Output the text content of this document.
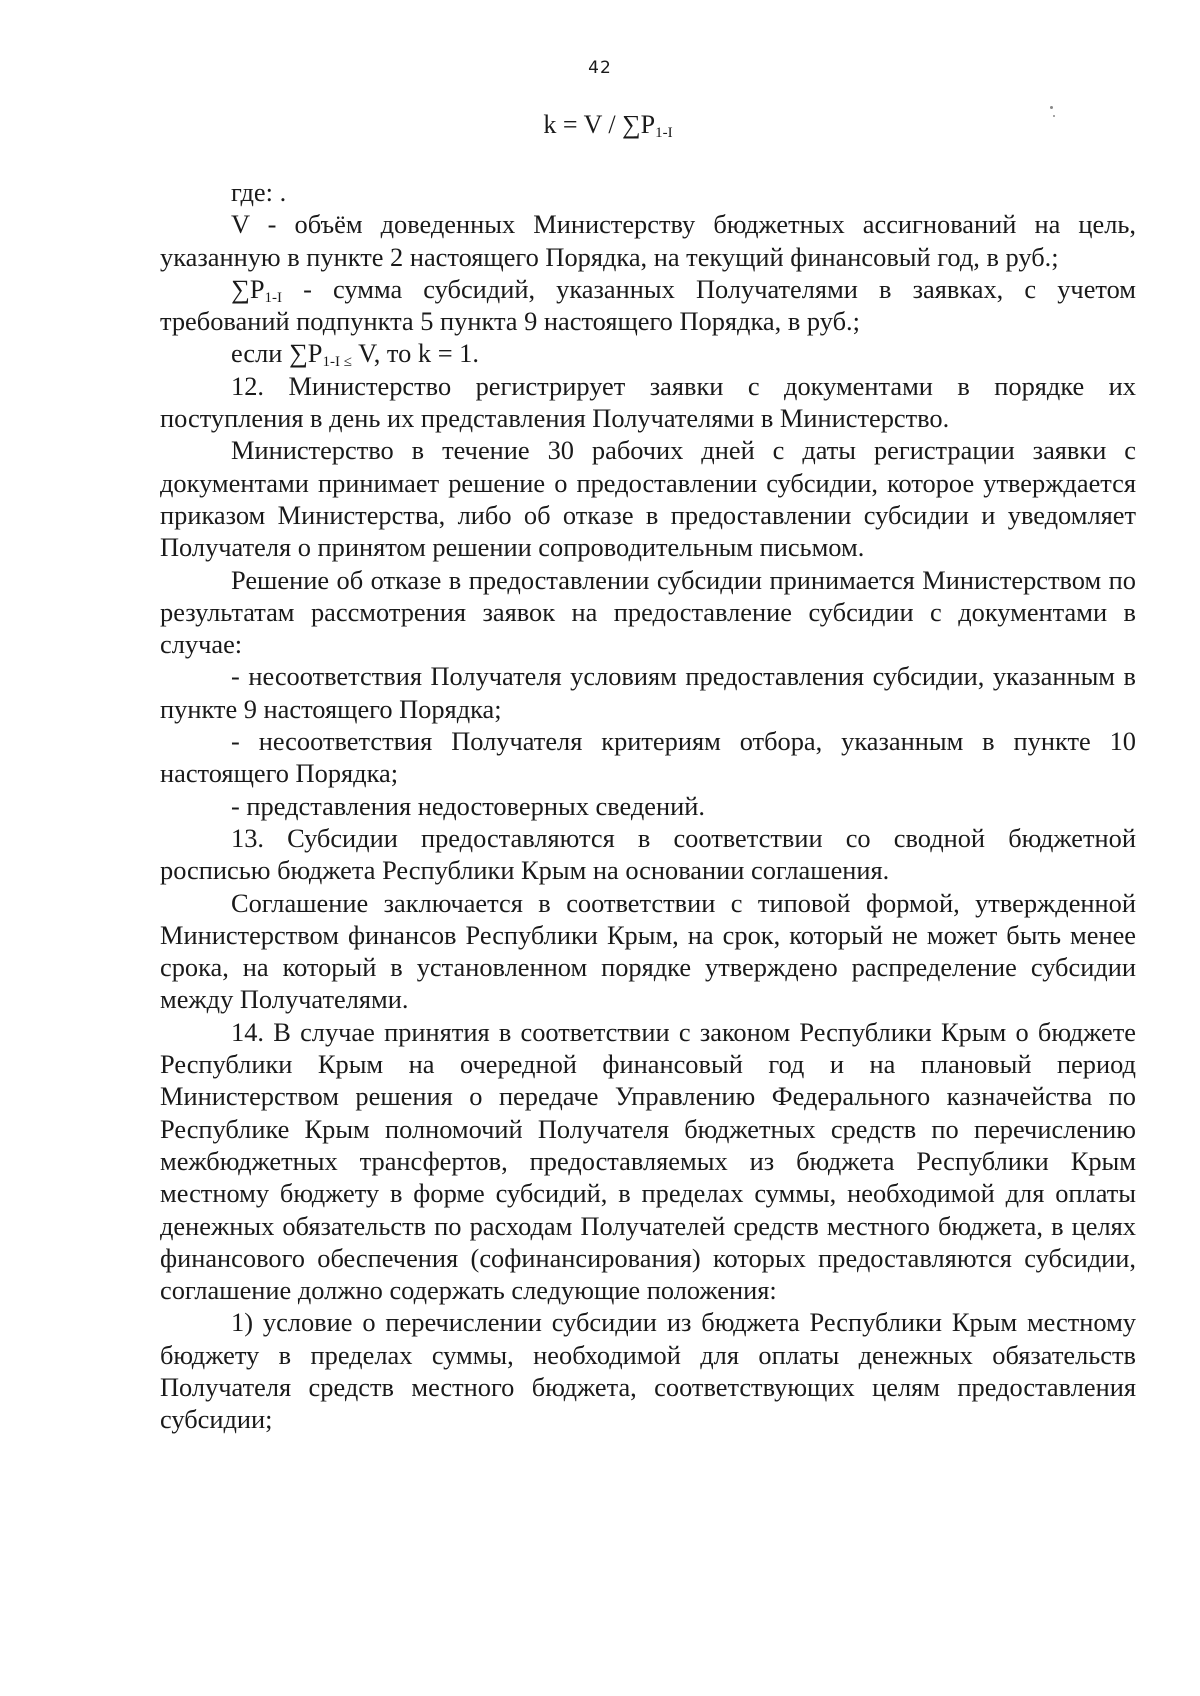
42
$k = V / \sum P_{1-I}$

где: .

V - объём доведенных Министерству бюджетных ассигнований на цель, указанную в пункте 2 настоящего Порядка, на текущий финансовый год, в руб.;

$\sum P_{1-I}$ - сумма субсидий, указанных Получателями в заявках, с учетом требований подпункта 5 пункта 9 настоящего Порядка, в руб.;

если $\sum P_{1-I \le}$ V, то k = 1.

12. Министерство регистрирует заявки с документами в порядке их поступления в день их представления Получателями в Министерство.

Министерство в течение 30 рабочих дней с даты регистрации заявки с документами принимает решение о предоставлении субсидии, которое утверждается приказом Министерства, либо об отказе в предоставлении субсидии и уведомляет Получателя о принятом решении сопроводительным письмом.

Решение об отказе в предоставлении субсидии принимается Министерством по результатам рассмотрения заявок на предоставление субсидии с документами в случае:

- несоответствия Получателя условиям предоставления субсидии, указанным в пункте 9 настоящего Порядка;

- несоответствия Получателя критериям отбора, указанным в пункте 10 настоящего Порядка;

- представления недостоверных сведений.

13. Субсидии предоставляются в соответствии со сводной бюджетной росписью бюджета Республики Крым на основании соглашения.

Соглашение заключается в соответствии с типовой формой, утвержденной Министерством финансов Республики Крым, на срок, который не может быть менее срока, на который в установленном порядке утверждено распределение субсидии между Получателями.

14. В случае принятия в соответствии с законом Республики Крым о бюджете Республики Крым на очередной финансовый год и на плановый период Министерством решения о передаче Управлению Федерального казначейства по Республике Крым полномочий Получателя бюджетных средств по перечислению межбюджетных трансфертов, предоставляемых из бюджета Республики Крым местному бюджету в форме субсидий, в пределах суммы, необходимой для оплаты денежных обязательств по расходам Получателей средств местного бюджета, в целях финансового обеспечения (софинансирования) которых предоставляются субсидии, соглашение должно содержать следующие положения:

1) условие о перечислении субсидии из бюджета Республики Крым местному бюджету в пределах суммы, необходимой для оплаты денежных обязательств Получателя средств местного бюджета, соответствующих целям предоставления субсидии;
